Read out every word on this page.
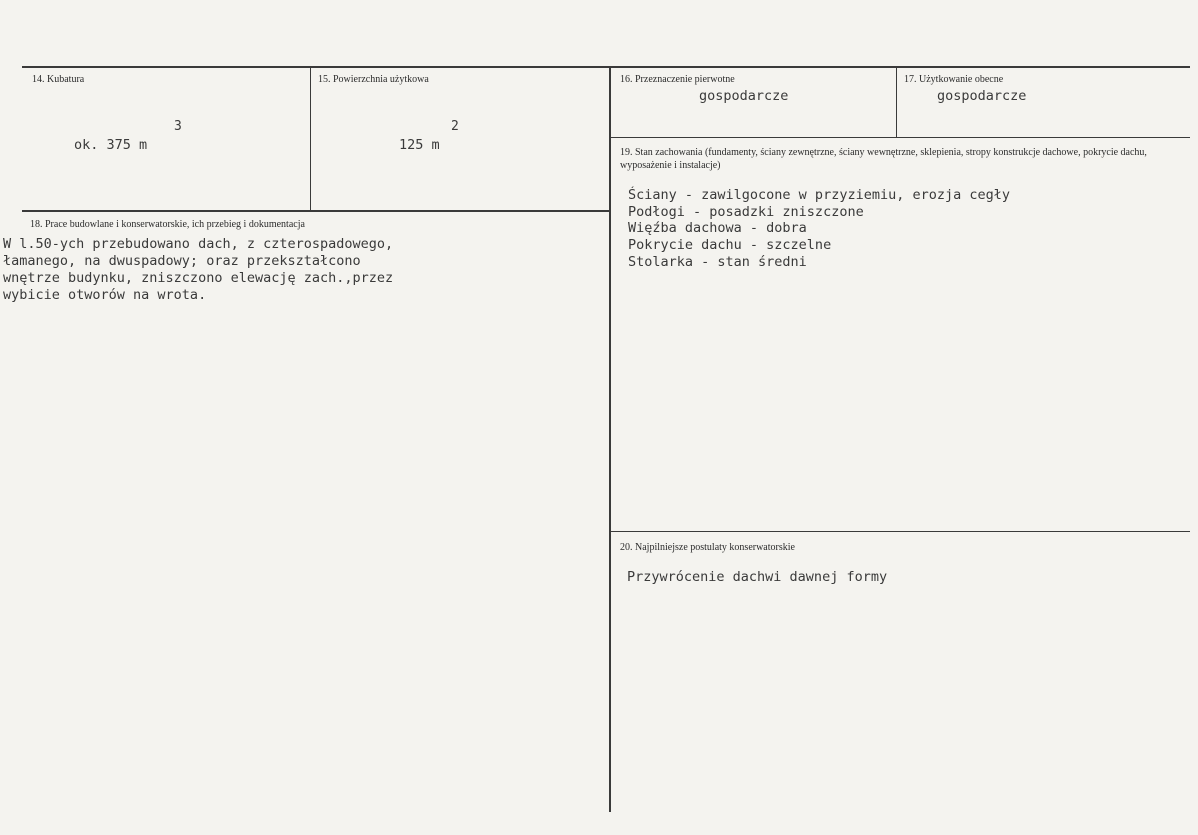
14. Kubatura
3
ok. 375 m
15. Powierzchnia użytkowa
2
125 m
16. Przeznaczenie pierwotne
gospodarcze
17. Użytkowanie obecne
gospodarcze
18. Prace budowlane i konserwatorskie, ich przebieg i dokumentacja
W l.50-ych przebudowano dach, z czterospadowego,
łamanego, na dwuspadowy; oraz przekształcono
wnętrze budynku, zniszczono elewację zach.,przez
wybicie otworów na wrota.
19. Stan zachowania (fundamenty, ściany zewnętrzne, ściany wewnętrzne, sklepienia, stropy konstrukcje dachowe, pokrycie dachu, wyposażenie i instalacje)
Ściany - zawilgocone w przyziemiu, erozja cegły
Podłogi - posadzki zniszczone
Więźba dachowa - dobra
Pokrycie dachu - szczelne
Stolarka - stan średni
20. Najpilniejsze postulaty konserwatorskie
Przywrócenie dachwi dawnej formy
